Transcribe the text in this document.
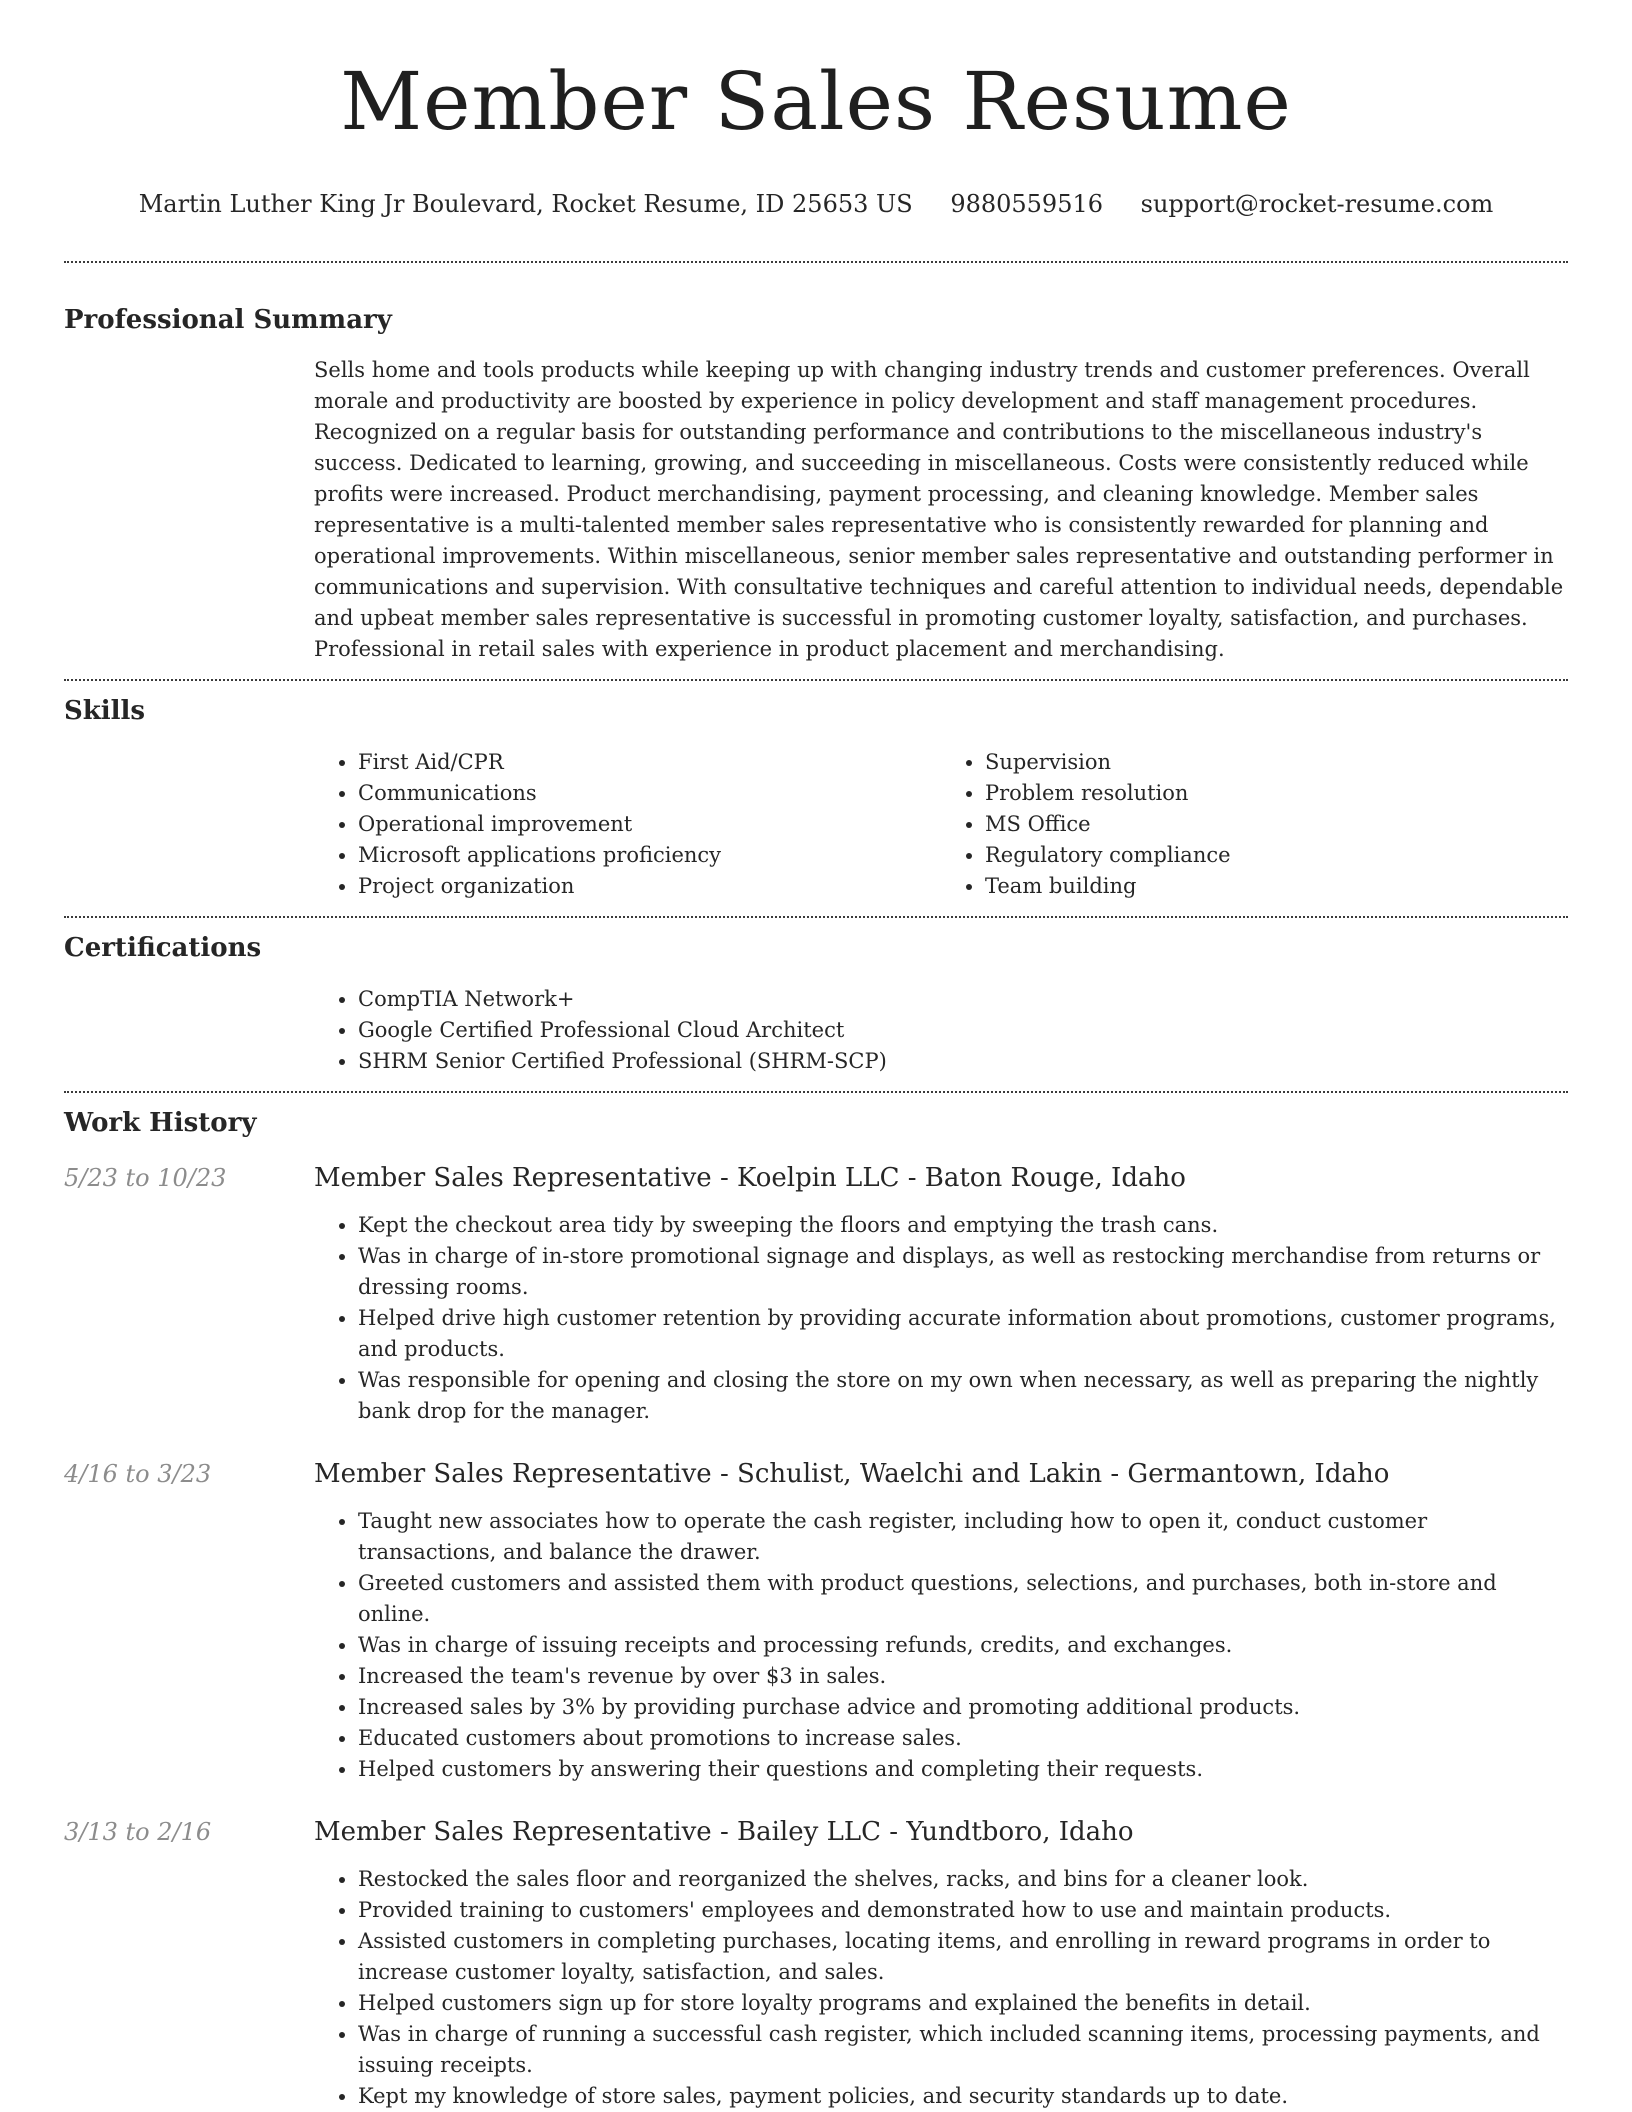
Member Sales Resume
Martin Luther King Jr Boulevard, Rocket Resume, ID 25653 US 9880559516 support@rocket-resume.com
Professional Summary

Sells home and tools products while keeping up with changing industry trends and customer preferences. Overall morale and productivity are boosted by experience in policy development and staff management procedures. Recognized on a regular basis for outstanding performance and contributions to the miscellaneous industry's success. Dedicated to learning, growing, and succeeding in miscellaneous. Costs were consistently reduced while profits were increased. Product merchandising, payment processing, and cleaning knowledge. Member sales representative is a multi-talented member sales representative who is consistently rewarded for planning and operational improvements. Within miscellaneous, senior member sales representative and outstanding performer in communications and supervision. With consultative techniques and careful attention to individual needs, dependable and upbeat member sales representative is successful in promoting customer loyalty, satisfaction, and purchases. Professional in retail sales with experience in product placement and merchandising.

Skills
• First Aid/CPR
• Communications
• Operational improvement
• Microsoft applications proficiency
• Project organization
• Supervision
• Problem resolution
• MS Office
• Regulatory compliance
• Team building
Certifications
• CompTIA Network+
• Google Certified Professional Cloud Architect
• SHRM Senior Certified Professional (SHRM-SCP)
Work History
5/23 to 10/23	Member Sales Representative - Koelpin LLC - Baton Rouge, Idaho
• Kept the checkout area tidy by sweeping the floors and emptying the trash cans.
• Was in charge of in-store promotional signage and displays, as well as restocking merchandise from returns or dressing rooms.
• Helped drive high customer retention by providing accurate information about promotions, customer programs, and products.
• Was responsible for opening and closing the store on my own when necessary, as well as preparing the nightly bank drop for the manager.
4/16 to 3/23	Member Sales Representative - Schulist, Waelchi and Lakin - Germantown, Idaho
• Taught new associates how to operate the cash register, including how to open it, conduct customer transactions, and balance the drawer.
• Greeted customers and assisted them with product questions, selections, and purchases, both in-store and online.
• Was in charge of issuing receipts and processing refunds, credits, and exchanges.
• Increased the team's revenue by over $3 in sales.
• Increased sales by 3% by providing purchase advice and promoting additional products.
• Educated customers about promotions to increase sales.
• Helped customers by answering their questions and completing their requests.
3/13 to 2/16	Member Sales Representative - Bailey LLC - Yundtboro, Idaho
• Restocked the sales floor and reorganized the shelves, racks, and bins for a cleaner look.
• Provided training to customers' employees and demonstrated how to use and maintain products.
• Assisted customers in completing purchases, locating items, and enrolling in reward programs in order to increase customer loyalty, satisfaction, and sales.
• Helped customers sign up for store loyalty programs and explained the benefits in detail.
• Was in charge of running a successful cash register, which included scanning items, processing payments, and issuing receipts.
• Kept my knowledge of store sales, payment policies, and security standards up to date.
